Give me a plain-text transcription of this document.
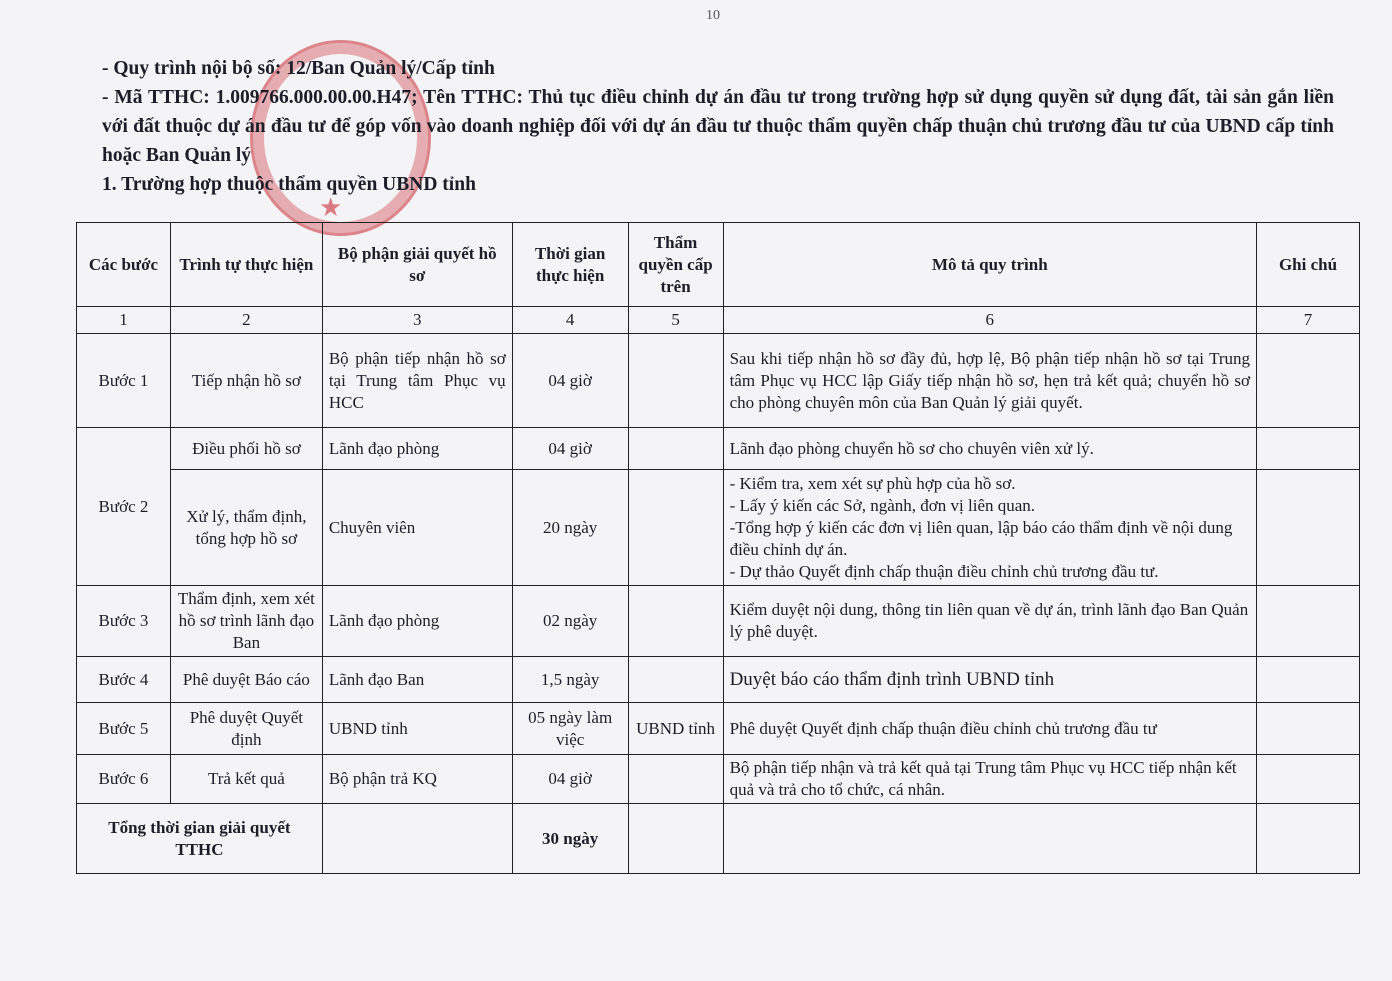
10
★

- Quy trình nội bộ số: 12/Ban Quản lý/Cấp tỉnh

- Mã TTHC: 1.009766.000.00.00.H47; Tên TTHC: Thủ tục điều chỉnh dự án đầu tư trong trường hợp sử dụng quyền sử dụng đất, tài sản gắn liền với đất thuộc dự án đầu tư để góp vốn vào doanh nghiệp đối với dự án đầu tư thuộc thẩm quyền chấp thuận chủ trương đầu tư của UBND cấp tỉnh hoặc Ban Quản lý

1. Trường hợp thuộc thẩm quyền UBND tỉnh

Các bước	Trình tự thực hiện	Bộ phận giải quyết hồ sơ	Thời gian thực hiện	Thẩm quyền cấp trên	Mô tả quy trình	Ghi chú
1	2	3	4	5	6	7
Bước 1	Tiếp nhận hồ sơ	Bộ phận tiếp nhận hồ sơ tại Trung tâm Phục vụ HCC	04 giờ		Sau khi tiếp nhận hồ sơ đầy đủ, hợp lệ, Bộ phận tiếp nhận hồ sơ tại Trung tâm Phục vụ HCC lập Giấy tiếp nhận hồ sơ, hẹn trả kết quả; chuyển hồ sơ cho phòng chuyên môn của Ban Quản lý giải quyết.	
Bước 2	Điều phối hồ sơ	Lãnh đạo phòng	04 giờ		Lãnh đạo phòng chuyển hồ sơ cho chuyên viên xử lý.	
	Xử lý, thẩm định, tổng hợp hồ sơ	Chuyên viên	20 ngày		- Kiểm tra, xem xét sự phù hợp của hồ sơ.
- Lấy ý kiến các Sở, ngành, đơn vị liên quan.
-Tổng hợp ý kiến các đơn vị liên quan, lập báo cáo thẩm định về nội dung điều chỉnh dự án.
- Dự thảo Quyết định chấp thuận điều chỉnh chủ trương đầu tư.	

Bước 3	Thẩm định, xem xét hồ sơ trình lãnh đạo Ban	Lãnh đạo phòng	02 ngày		Kiểm duyệt nội dung, thông tin liên quan về dự án, trình lãnh đạo Ban Quản lý phê duyệt.	
Bước 4	Phê duyệt Báo cáo	Lãnh đạo Ban	1,5 ngày		Duyệt báo cáo thẩm định trình UBND tỉnh	
Bước 5	Phê duyệt Quyết định	UBND tỉnh	05 ngày làm việc	UBND tỉnh	Phê duyệt Quyết định chấp thuận điều chỉnh chủ trương đầu tư	
Bước 6	Trả kết quả	Bộ phận trả KQ	04 giờ		Bộ phận tiếp nhận và trả kết quả tại Trung tâm Phục vụ HCC tiếp nhận kết quả và trả cho tổ chức, cá nhân.	
Tổng thời gian giải quyết TTHC			30 ngày			
